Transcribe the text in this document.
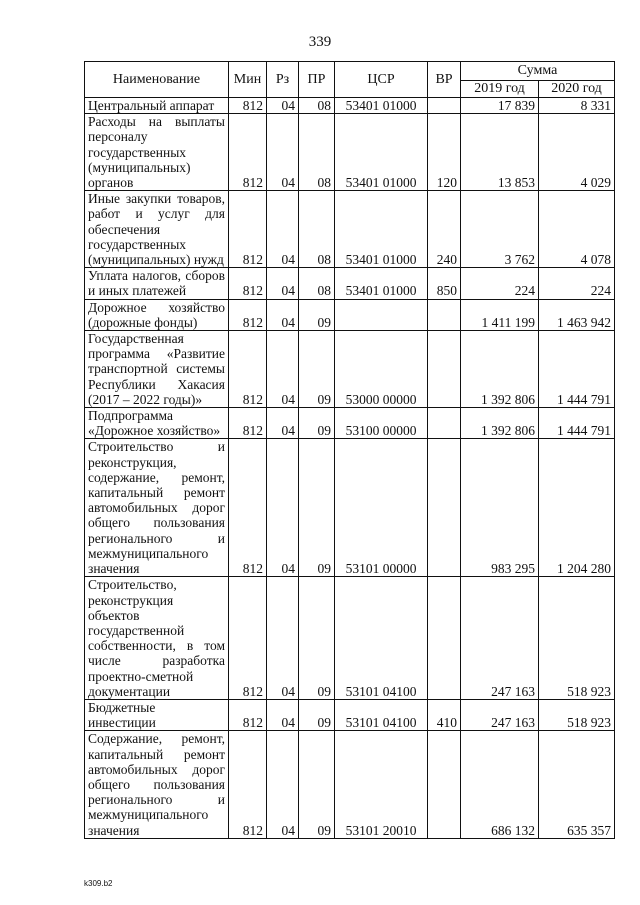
339
Наименование	Мин	Рз	ПР	ЦСР	ВР	Сумма	
						2019 год	2020 год
Центральный аппарат	812	04	08	53401 01000		17 839	8 331
Расходы на выплаты персоналу государственных (муниципальных) органов	812	04	08	53401 01000	120	13 853	4 029
Иные закупки товаров, работ и услуг для обеспечения государственных (муниципальных) нужд	812	04	08	53401 01000	240	3 762	4 078
Уплата налогов, сборов и иных платежей	812	04	08	53401 01000	850	224	224
Дорожное хозяйство (дорожные фонды)	812	04	09			1 411 199	1 463 942
Государственная программа «Развитие транспортной системы Республики Хакасия (2017 – 2022 годы)»	812	04	09	53000 00000		1 392 806	1 444 791
Подпрограмма «Дорожное хозяйство»	812	04	09	53100 00000		1 392 806	1 444 791
Строительство и реконструкция, содержание, ремонт, капитальный ремонт автомобильных дорог общего пользования регионального и межмуниципального значения	812	04	09	53101 00000		983 295	1 204 280
Строительство, реконструкция объектов государственной собственности, в том числе разработка проектно-сметной документации	812	04	09	53101 04100		247 163	518 923
Бюджетные инвестиции	812	04	09	53101 04100	410	247 163	518 923
Содержание, ремонт, капитальный ремонт автомобильных дорог общего пользования регионального и межмуниципального значения	812	04	09	53101 20010		686 132	635 357
k309.b2
